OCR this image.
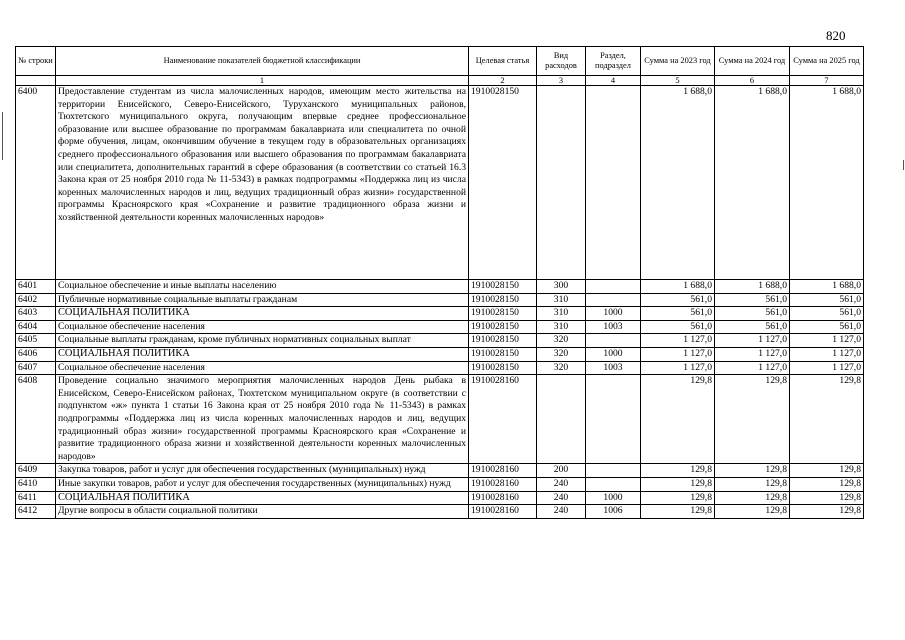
820
№ строки	Наименование показателей бюджетной классификации	Целевая статья	Вид расходов	Раздел, подраздел	Сумма на 2023 год	Сумма на 2024 год	Сумма на 2025 год
	1	2	3	4	5	6	7
6400	Предоставление студентам из числа малочисленных народов, имеющим место жительства на территории Енисейского, Северо-Енисейского, Туруханского муниципальных районов, Тюхтетского муниципального округа, получающим впервые среднее профессиональное образование или высшее образование по программам бакалавриата или специалитета по очной форме обучения, лицам, окончившим обучение в текущем году в образовательных организациях среднего профессионального образования или высшего образования по программам бакалавриата или специалитета, дополнительных гарантий в сфере образования (в соответствии со статьей 16.3 Закона края от 25 ноября 2010 года № 11-5343) в рамках подпрограммы «Поддержка лиц из числа коренных малочисленных народов и лиц, ведущих традиционный образ жизни» государственной программы Красноярского края «Сохранение и развитие традиционного образа жизни и хозяйственной деятельности коренных малочисленных народов»	1910028150			1 688,0	1 688,0	1 688,0
6401	Социальное обеспечение и иные выплаты населению	1910028150	300		1 688,0	1 688,0	1 688,0
6402	Публичные нормативные социальные выплаты гражданам	1910028150	310		561,0	561,0	561,0
6403	СОЦИАЛЬНАЯ ПОЛИТИКА	1910028150	310	1000	561,0	561,0	561,0
6404	Социальное обеспечение населения	1910028150	310	1003	561,0	561,0	561,0
6405	Социальные выплаты гражданам, кроме публичных нормативных социальных выплат	1910028150	320		1 127,0	1 127,0	1 127,0
6406	СОЦИАЛЬНАЯ ПОЛИТИКА	1910028150	320	1000	1 127,0	1 127,0	1 127,0
6407	Социальное обеспечение населения	1910028150	320	1003	1 127,0	1 127,0	1 127,0
6408	Проведение социально значимого мероприятия малочисленных народов День рыбака в Енисейском, Северо-Енисейском районах, Тюхтетском муниципальном округе (в соответствии с подпунктом «ж» пункта 1 статьи 16 Закона края от 25 ноября 2010 года № 11-5343) в рамках подпрограммы «Поддержка лиц из числа коренных малочисленных народов и лиц, ведущих традиционный образ жизни» государственной программы Красноярского края «Сохранение и развитие традиционного образа жизни и хозяйственной деятельности коренных малочисленных народов»	1910028160			129,8	129,8	129,8
6409	Закупка товаров, работ и услуг для обеспечения государственных (муниципальных) нужд	1910028160	200		129,8	129,8	129,8
6410	Иные закупки товаров, работ и услуг для обеспечения государственных (муниципальных) нужд	1910028160	240		129,8	129,8	129,8
6411	СОЦИАЛЬНАЯ ПОЛИТИКА	1910028160	240	1000	129,8	129,8	129,8
6412	Другие вопросы в области социальной политики	1910028160	240	1006	129,8	129,8	129,8
